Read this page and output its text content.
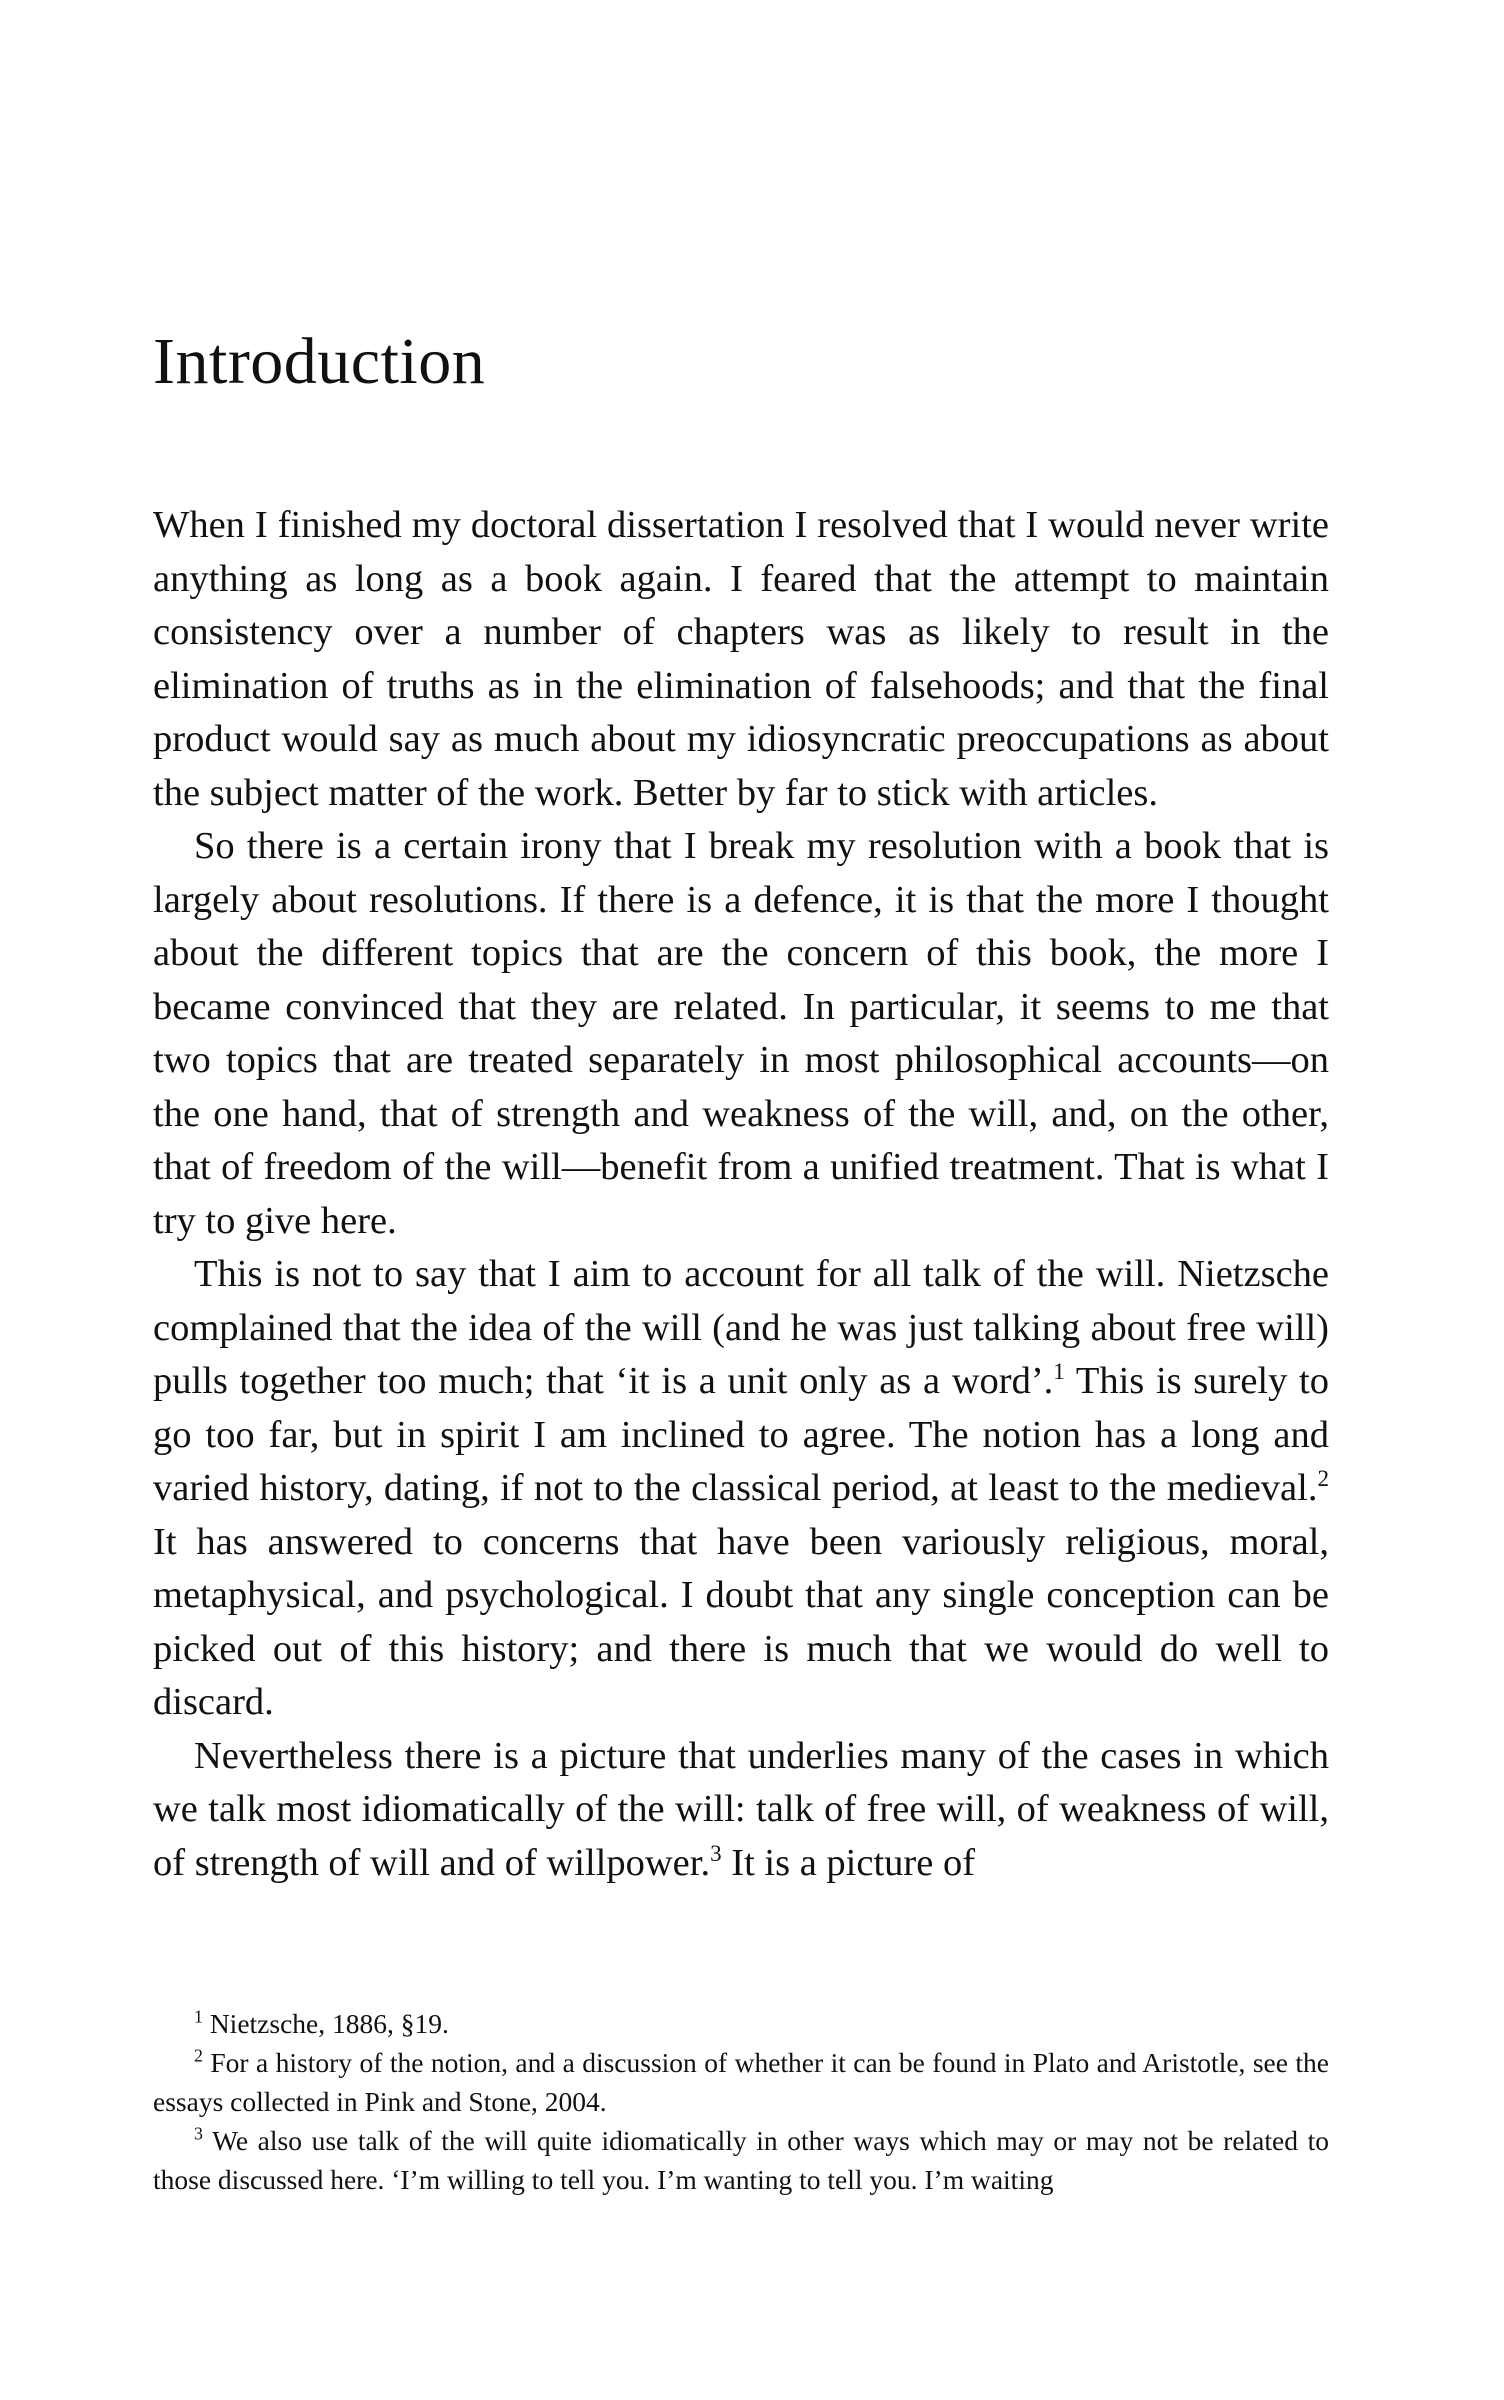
Introduction

When I finished my doctoral dissertation I resolved that I would never write anything as long as a book again. I feared that the attempt to maintain consistency over a number of chapters was as likely to result in the elimination of truths as in the elimination of falsehoods; and that the final product would say as much about my idiosyncratic preoccupations as about the subject matter of the work. Better by far to stick with articles.

So there is a certain irony that I break my resolution with a book that is largely about resolutions. If there is a defence, it is that the more I thought about the different topics that are the concern of this book, the more I became convinced that they are related. In particular, it seems to me that two topics that are treated separately in most philosophical accounts—on the one hand, that of strength and weakness of the will, and, on the other, that of freedom of the will—benefit from a unified treatment. That is what I try to give here.

This is not to say that I aim to account for all talk of the will. Nietzsche complained that the idea of the will (and he was just talking about free will) pulls together too much; that ‘it is a unit only as a word’.$^1$ This is surely to go too far, but in spirit I am inclined to agree. The notion has a long and varied history, dating, if not to the classical period, at least to the medieval.$^2$ It has answered to concerns that have been variously religious, moral, metaphysical, and psychological. I doubt that any single conception can be picked out of this history; and there is much that we would do well to discard.

Nevertheless there is a picture that underlies many of the cases in which we talk most idiomatically of the will: talk of free will, of weakness of will, of strength of will and of willpower.$^3$ It is a picture of

$^1$ Nietzsche, 1886, §19.

$^2$ For a history of the notion, and a discussion of whether it can be found in Plato and Aristotle, see the essays collected in Pink and Stone, 2004.

$^3$ We also use talk of the will quite idiomatically in other ways which may or may not be related to those discussed here. ‘I’m willing to tell you. I’m wanting to tell you. I’m waiting
